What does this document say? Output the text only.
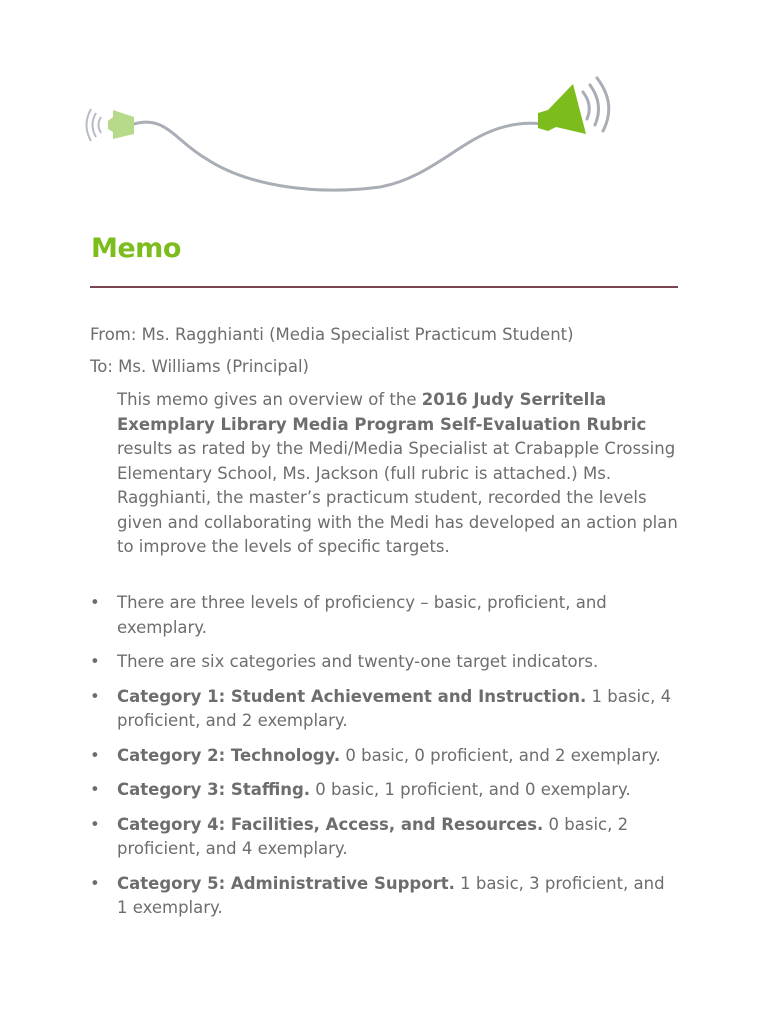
Memo

From: Ms. Ragghianti (Media Specialist Practicum Student)

To: Ms. Williams (Principal)

This memo gives an overview of the 2016 Judy Serritella Exemplary Library Media Program Self-Evaluation Rubric results as rated by the Medi/Media Specialist at Crabapple Crossing Elementary School, Ms. Jackson (full rubric is attached.) Ms. Ragghianti, the master’s practicum student, recorded the levels given and collaborating with the Medi has developed an action plan to improve the levels of specific targets.

•	There are three levels of proficiency – basic, proficient, and exemplary.
•	There are six categories and twenty-one target indicators.
•	Category 1: Student Achievement and Instruction. 1 basic, 4 proficient, and 2 exemplary.
•	Category 2: Technology. 0 basic, 0 proficient, and 2 exemplary.
•	Category 3: Staffing. 0 basic, 1 proficient, and 0 exemplary.
•	Category 4: Facilities, Access, and Resources. 0 basic, 2 proficient, and 4 exemplary.
•	Category 5: Administrative Support. 1 basic, 3 proficient, and 1 exemplary.
